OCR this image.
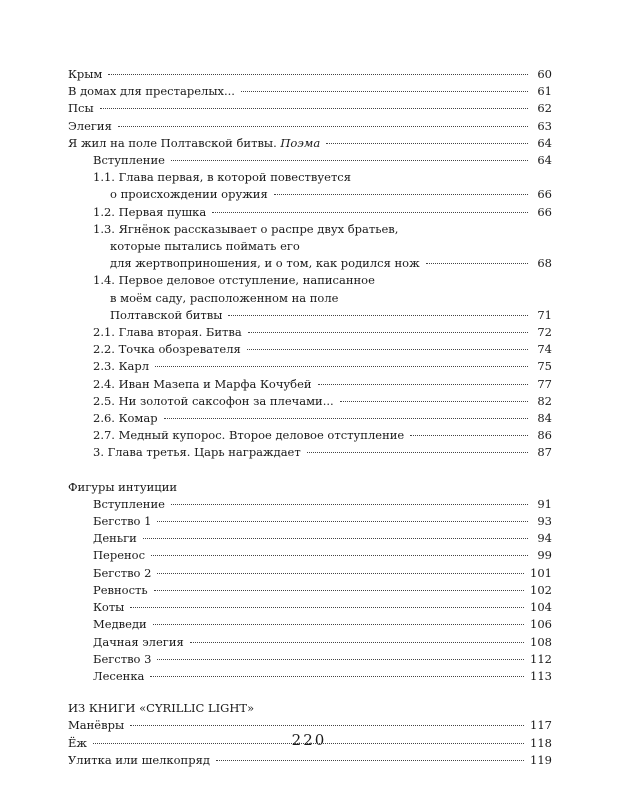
Крым	60
В домах для престарелых...	61
Псы	62
Элегия	63
Я жил на поле Полтавской битвы. Поэма	64
Вступление	64
1.1. Глава первая, в которой повествуется
о происхождении оружия	66
1.2. Первая пушка	66
1.3. Ягнёнок рассказывает о распре двух братьев,
которые пытались поймать его
для жертвоприношения, и о том, как родился нож	68
1.4. Первое деловое отступление, написанное
в моём саду, расположенном на поле
Полтавской битвы	71
2.1. Глава вторая. Битва	72
2.2. Точка обозревателя	74
2.3. Карл	75
2.4. Иван Мазепа и Марфа Кочубей	77
2.5. Ни золотой саксофон за плечами...	82
2.6. Комар	84
2.7. Медный купорос. Второе деловое отступление	86
3. Глава третья. Царь награждает	87
Фигуры интуиции
Вступление	91
Бегство 1	93
Деньги	94
Перенос	99
Бегство 2	101
Ревность	102
Коты	104
Медведи	106
Дачная элегия	108
Бегство 3	112
Лесенка	113
ИЗ КНИГИ «CYRILLIC LIGHT»
Манёвры	117
Ёж	118
Улитка или шелкопряд	119
220
